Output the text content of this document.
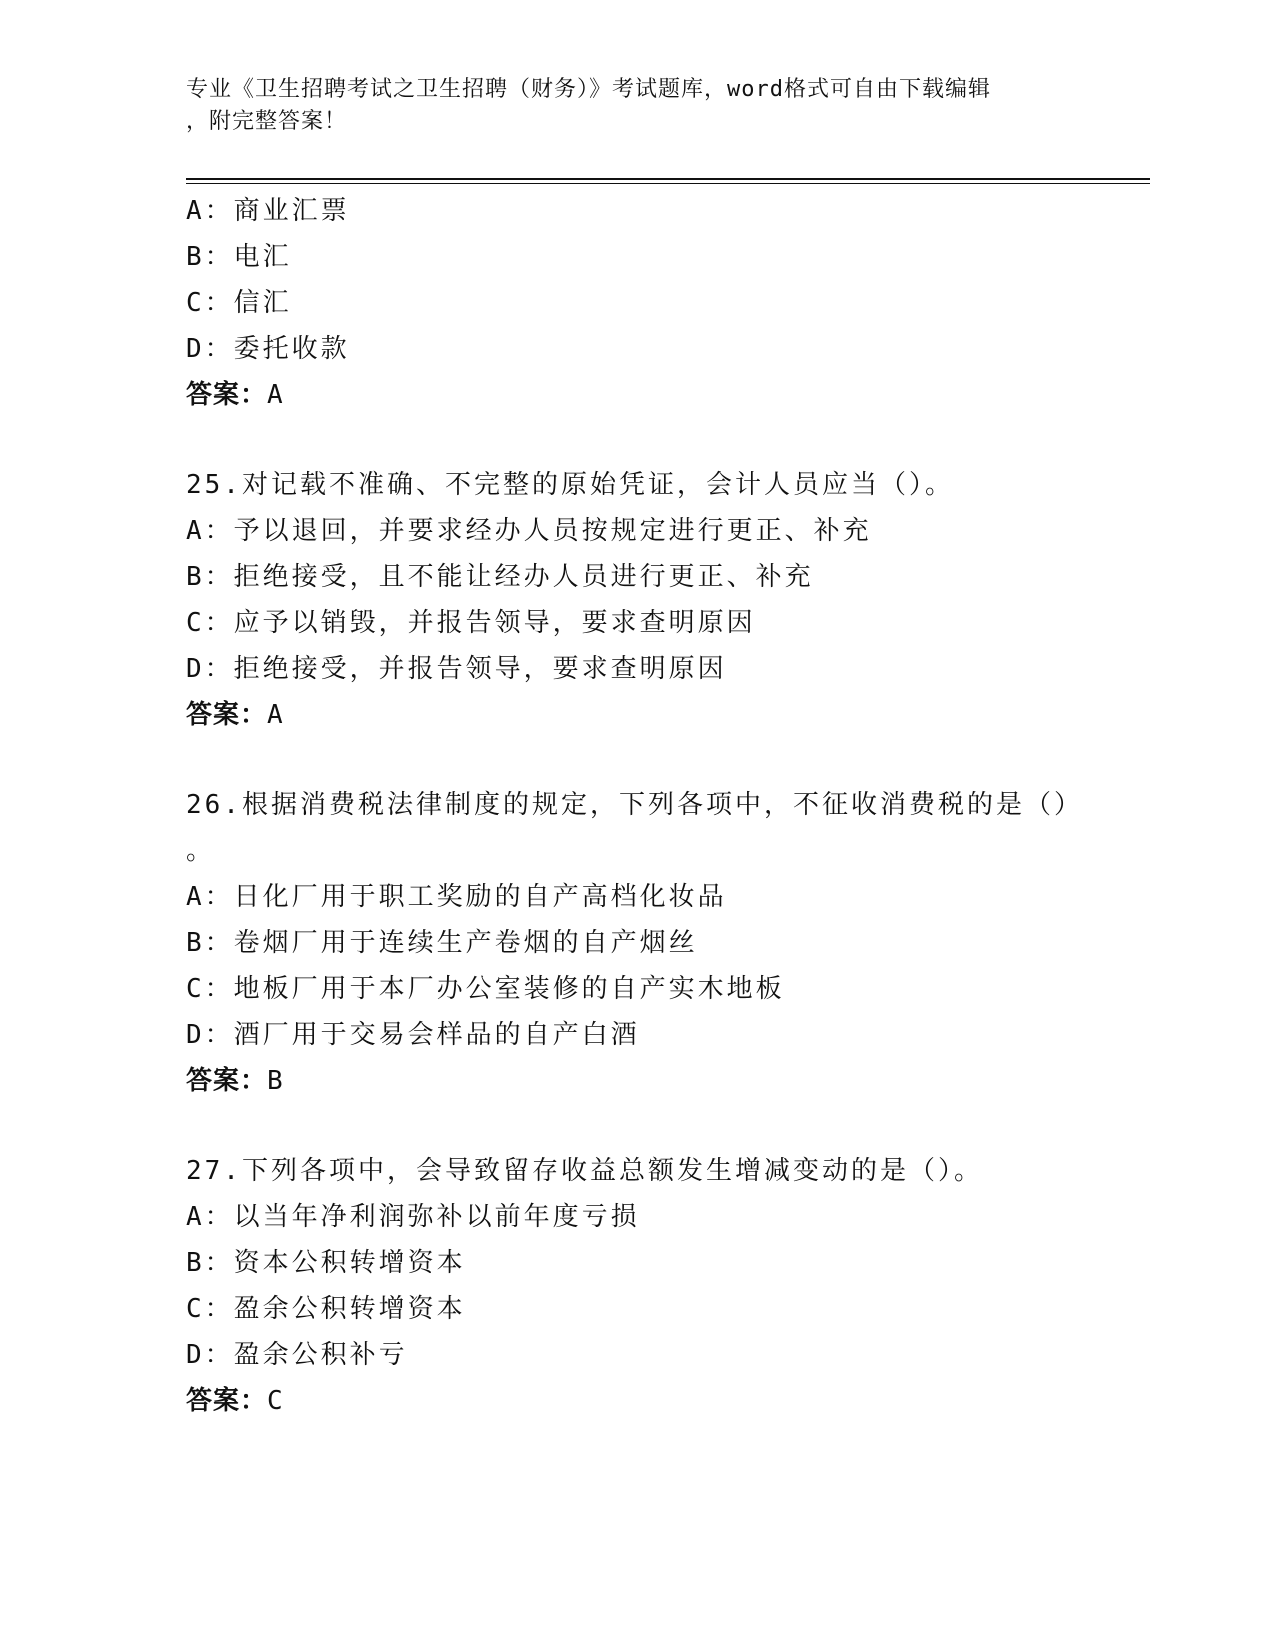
专业《卫生招聘考试之卫生招聘（财务）》考试题库，word格式可自由下载编辑
，附完整答案！
A：商业汇票
B：电汇
C：信汇
D：委托收款
答案：A
25.对记载不准确、不完整的原始凭证，会计人员应当（）。
A：予以退回，并要求经办人员按规定进行更正、补充
B：拒绝接受，且不能让经办人员进行更正、补充
C：应予以销毁，并报告领导，要求查明原因
D：拒绝接受，并报告领导，要求查明原因
答案：A
26.根据消费税法律制度的规定，下列各项中，不征收消费税的是（）
。
A：日化厂用于职工奖励的自产高档化妆品
B：卷烟厂用于连续生产卷烟的自产烟丝
C：地板厂用于本厂办公室装修的自产实木地板
D：酒厂用于交易会样品的自产白酒
答案：B
27.下列各项中，会导致留存收益总额发生增减变动的是（）。
A：以当年净利润弥补以前年度亏损
B：资本公积转增资本
C：盈余公积转增资本
D：盈余公积补亏
答案：C
